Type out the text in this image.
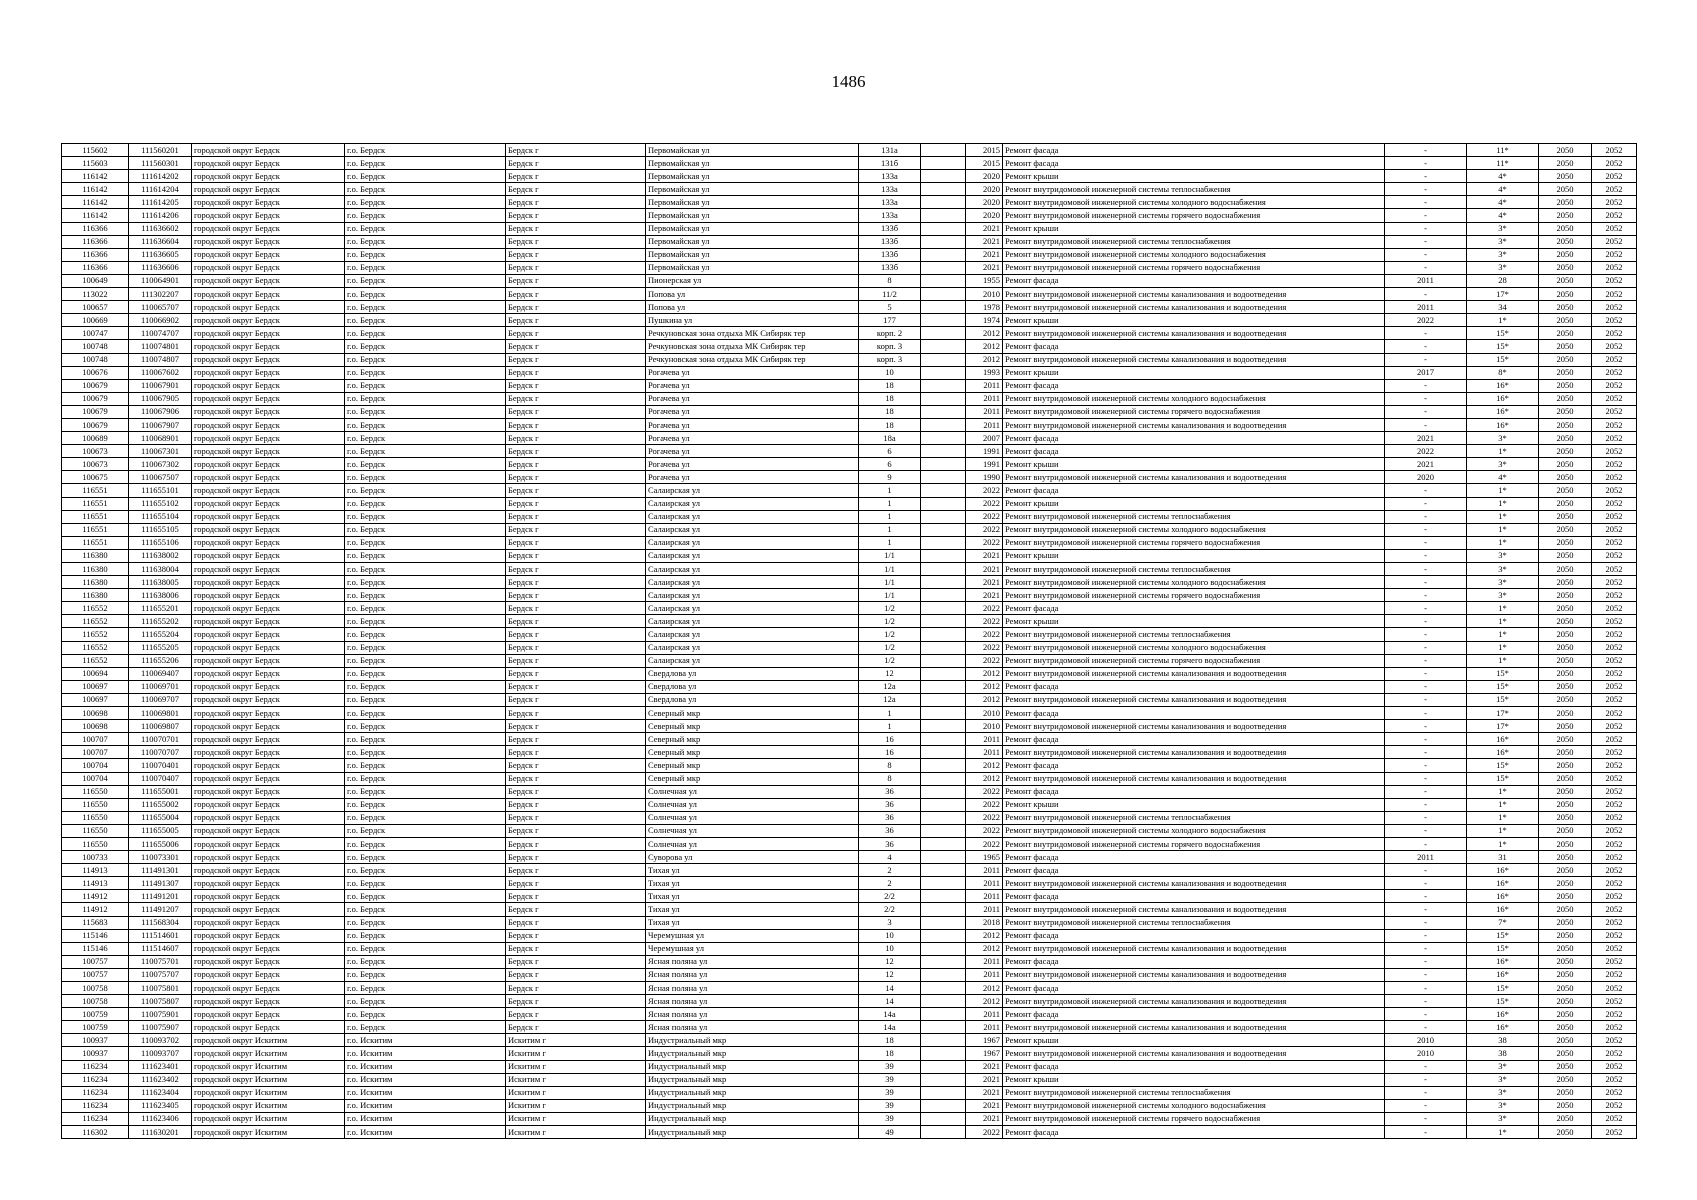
1486
115602	111560201	городской округ Бердск	г.о. Бердск	Бердск г	Первомайская ул	131а		2015	Ремонт фасада	-	11*	2050	2052
115603	111560301	городской округ Бердск	г.о. Бердск	Бердск г	Первомайская ул	131б		2015	Ремонт фасада	-	11*	2050	2052
116142	111614202	городской округ Бердск	г.о. Бердск	Бердск г	Первомайская ул	133а		2020	Ремонт крыши	-	4*	2050	2052
116142	111614204	городской округ Бердск	г.о. Бердск	Бердск г	Первомайская ул	133а		2020	Ремонт внутридомовой инженерной системы теплоснабжения	-	4*	2050	2052
116142	111614205	городской округ Бердск	г.о. Бердск	Бердск г	Первомайская ул	133а		2020	Ремонт внутридомовой инженерной системы холодного водоснабжения	-	4*	2050	2052
116142	111614206	городской округ Бердск	г.о. Бердск	Бердск г	Первомайская ул	133а		2020	Ремонт внутридомовой инженерной системы горячего водоснабжения	-	4*	2050	2052
116366	111636602	городской округ Бердск	г.о. Бердск	Бердск г	Первомайская ул	133б		2021	Ремонт крыши	-	3*	2050	2052
116366	111636604	городской округ Бердск	г.о. Бердск	Бердск г	Первомайская ул	133б		2021	Ремонт внутридомовой инженерной системы теплоснабжения	-	3*	2050	2052
116366	111636605	городской округ Бердск	г.о. Бердск	Бердск г	Первомайская ул	133б		2021	Ремонт внутридомовой инженерной системы холодного водоснабжения	-	3*	2050	2052
116366	111636606	городской округ Бердск	г.о. Бердск	Бердск г	Первомайская ул	133б		2021	Ремонт внутридомовой инженерной системы горячего водоснабжения	-	3*	2050	2052
100649	110064901	городской округ Бердск	г.о. Бердск	Бердск г	Пионерская ул	8		1955	Ремонт фасада	2011	28	2050	2052
113022	111302207	городской округ Бердск	г.о. Бердск	Бердск г	Попова ул	11/2		2010	Ремонт внутридомовой инженерной системы канализования и водоотведения	-	17*	2050	2052
100657	110065707	городской округ Бердск	г.о. Бердск	Бердск г	Попова ул	5		1978	Ремонт внутридомовой инженерной системы канализования и водоотведения	2011	34	2050	2052
100669	110066902	городской округ Бердск	г.о. Бердск	Бердск г	Пушкина ул	177		1974	Ремонт крыши	2022	1*	2050	2052
100747	110074707	городской округ Бердск	г.о. Бердск	Бердск г	Речкуновская зона отдыха МК Сибиряк тер	корп. 2		2012	Ремонт внутридомовой инженерной системы канализования и водоотведения	-	15*	2050	2052
100748	110074801	городской округ Бердск	г.о. Бердск	Бердск г	Речкуновская зона отдыха МК Сибиряк тер	корп. 3		2012	Ремонт фасада	-	15*	2050	2052
100748	110074807	городской округ Бердск	г.о. Бердск	Бердск г	Речкуновская зона отдыха МК Сибиряк тер	корп. 3		2012	Ремонт внутридомовой инженерной системы канализования и водоотведения	-	15*	2050	2052
100676	110067602	городской округ Бердск	г.о. Бердск	Бердск г	Рогачева ул	10		1993	Ремонт крыши	2017	8*	2050	2052
100679	110067901	городской округ Бердск	г.о. Бердск	Бердск г	Рогачева ул	18		2011	Ремонт фасада	-	16*	2050	2052
100679	110067905	городской округ Бердск	г.о. Бердск	Бердск г	Рогачева ул	18		2011	Ремонт внутридомовой инженерной системы холодного водоснабжения	-	16*	2050	2052
100679	110067906	городской округ Бердск	г.о. Бердск	Бердск г	Рогачева ул	18		2011	Ремонт внутридомовой инженерной системы горячего водоснабжения	-	16*	2050	2052
100679	110067907	городской округ Бердск	г.о. Бердск	Бердск г	Рогачева ул	18		2011	Ремонт внутридомовой инженерной системы канализования и водоотведения	-	16*	2050	2052
100689	110068901	городской округ Бердск	г.о. Бердск	Бердск г	Рогачева ул	18а		2007	Ремонт фасада	2021	3*	2050	2052
100673	110067301	городской округ Бердск	г.о. Бердск	Бердск г	Рогачева ул	6		1991	Ремонт фасада	2022	1*	2050	2052
100673	110067302	городской округ Бердск	г.о. Бердск	Бердск г	Рогачева ул	6		1991	Ремонт крыши	2021	3*	2050	2052
100675	110067507	городской округ Бердск	г.о. Бердск	Бердск г	Рогачева ул	9		1990	Ремонт внутридомовой инженерной системы канализования и водоотведения	2020	4*	2050	2052
116551	111655101	городской округ Бердск	г.о. Бердск	Бердск г	Салаирская ул	1		2022	Ремонт фасада	-	1*	2050	2052
116551	111655102	городской округ Бердск	г.о. Бердск	Бердск г	Салаирская ул	1		2022	Ремонт крыши	-	1*	2050	2052
116551	111655104	городской округ Бердск	г.о. Бердск	Бердск г	Салаирская ул	1		2022	Ремонт внутридомовой инженерной системы теплоснабжения	-	1*	2050	2052
116551	111655105	городской округ Бердск	г.о. Бердск	Бердск г	Салаирская ул	1		2022	Ремонт внутридомовой инженерной системы холодного водоснабжения	-	1*	2050	2052
116551	111655106	городской округ Бердск	г.о. Бердск	Бердск г	Салаирская ул	1		2022	Ремонт внутридомовой инженерной системы горячего водоснабжения	-	1*	2050	2052
116380	111638002	городской округ Бердск	г.о. Бердск	Бердск г	Салаирская ул	1/1		2021	Ремонт крыши	-	3*	2050	2052
116380	111638004	городской округ Бердск	г.о. Бердск	Бердск г	Салаирская ул	1/1		2021	Ремонт внутридомовой инженерной системы теплоснабжения	-	3*	2050	2052
116380	111638005	городской округ Бердск	г.о. Бердск	Бердск г	Салаирская ул	1/1		2021	Ремонт внутридомовой инженерной системы холодного водоснабжения	-	3*	2050	2052
116380	111638006	городской округ Бердск	г.о. Бердск	Бердск г	Салаирская ул	1/1		2021	Ремонт внутридомовой инженерной системы горячего водоснабжения	-	3*	2050	2052
116552	111655201	городской округ Бердск	г.о. Бердск	Бердск г	Салаирская ул	1/2		2022	Ремонт фасада	-	1*	2050	2052
116552	111655202	городской округ Бердск	г.о. Бердск	Бердск г	Салаирская ул	1/2		2022	Ремонт крыши	-	1*	2050	2052
116552	111655204	городской округ Бердск	г.о. Бердск	Бердск г	Салаирская ул	1/2		2022	Ремонт внутридомовой инженерной системы теплоснабжения	-	1*	2050	2052
116552	111655205	городской округ Бердск	г.о. Бердск	Бердск г	Салаирская ул	1/2		2022	Ремонт внутридомовой инженерной системы холодного водоснабжения	-	1*	2050	2052
116552	111655206	городской округ Бердск	г.о. Бердск	Бердск г	Салаирская ул	1/2		2022	Ремонт внутридомовой инженерной системы горячего водоснабжения	-	1*	2050	2052
100694	110069407	городской округ Бердск	г.о. Бердск	Бердск г	Свердлова ул	12		2012	Ремонт внутридомовой инженерной системы канализования и водоотведения	-	15*	2050	2052
100697	110069701	городской округ Бердск	г.о. Бердск	Бердск г	Свердлова ул	12а		2012	Ремонт фасада	-	15*	2050	2052
100697	110069707	городской округ Бердск	г.о. Бердск	Бердск г	Свердлова ул	12а		2012	Ремонт внутридомовой инженерной системы канализования и водоотведения	-	15*	2050	2052
100698	110069801	городской округ Бердск	г.о. Бердск	Бердск г	Северный мкр	1		2010	Ремонт фасада	-	17*	2050	2052
100698	110069807	городской округ Бердск	г.о. Бердск	Бердск г	Северный мкр	1		2010	Ремонт внутридомовой инженерной системы канализования и водоотведения	-	17*	2050	2052
100707	110070701	городской округ Бердск	г.о. Бердск	Бердск г	Северный мкр	16		2011	Ремонт фасада	-	16*	2050	2052
100707	110070707	городской округ Бердск	г.о. Бердск	Бердск г	Северный мкр	16		2011	Ремонт внутридомовой инженерной системы канализования и водоотведения	-	16*	2050	2052
100704	110070401	городской округ Бердск	г.о. Бердск	Бердск г	Северный мкр	8		2012	Ремонт фасада	-	15*	2050	2052
100704	110070407	городской округ Бердск	г.о. Бердск	Бердск г	Северный мкр	8		2012	Ремонт внутридомовой инженерной системы канализования и водоотведения	-	15*	2050	2052
116550	111655001	городской округ Бердск	г.о. Бердск	Бердск г	Солнечная ул	36		2022	Ремонт фасада	-	1*	2050	2052
116550	111655002	городской округ Бердск	г.о. Бердск	Бердск г	Солнечная ул	36		2022	Ремонт крыши	-	1*	2050	2052
116550	111655004	городской округ Бердск	г.о. Бердск	Бердск г	Солнечная ул	36		2022	Ремонт внутридомовой инженерной системы теплоснабжения	-	1*	2050	2052
116550	111655005	городской округ Бердск	г.о. Бердск	Бердск г	Солнечная ул	36		2022	Ремонт внутридомовой инженерной системы холодного водоснабжения	-	1*	2050	2052
116550	111655006	городской округ Бердск	г.о. Бердск	Бердск г	Солнечная ул	36		2022	Ремонт внутридомовой инженерной системы горячего водоснабжения	-	1*	2050	2052
100733	110073301	городской округ Бердск	г.о. Бердск	Бердск г	Суворова ул	4		1965	Ремонт фасада	2011	31	2050	2052
114913	111491301	городской округ Бердск	г.о. Бердск	Бердск г	Тихая ул	2		2011	Ремонт фасада	-	16*	2050	2052
114913	111491307	городской округ Бердск	г.о. Бердск	Бердск г	Тихая ул	2		2011	Ремонт внутридомовой инженерной системы канализования и водоотведения	-	16*	2050	2052
114912	111491201	городской округ Бердск	г.о. Бердск	Бердск г	Тихая ул	2/2		2011	Ремонт фасада	-	16*	2050	2052
114912	111491207	городской округ Бердск	г.о. Бердск	Бердск г	Тихая ул	2/2		2011	Ремонт внутридомовой инженерной системы канализования и водоотведения	-	16*	2050	2052
115683	111568304	городской округ Бердск	г.о. Бердск	Бердск г	Тихая ул	3		2018	Ремонт внутридомовой инженерной системы теплоснабжения	-	7*	2050	2052
115146	111514601	городской округ Бердск	г.о. Бердск	Бердск г	Черемушная ул	10		2012	Ремонт фасада	-	15*	2050	2052
115146	111514607	городской округ Бердск	г.о. Бердск	Бердск г	Черемушная ул	10		2012	Ремонт внутридомовой инженерной системы канализования и водоотведения	-	15*	2050	2052
100757	110075701	городской округ Бердск	г.о. Бердск	Бердск г	Ясная поляна ул	12		2011	Ремонт фасада	-	16*	2050	2052
100757	110075707	городской округ Бердск	г.о. Бердск	Бердск г	Ясная поляна ул	12		2011	Ремонт внутридомовой инженерной системы канализования и водоотведения	-	16*	2050	2052
100758	110075801	городской округ Бердск	г.о. Бердск	Бердск г	Ясная поляна ул	14		2012	Ремонт фасада	-	15*	2050	2052
100758	110075807	городской округ Бердск	г.о. Бердск	Бердск г	Ясная поляна ул	14		2012	Ремонт внутридомовой инженерной системы канализования и водоотведения	-	15*	2050	2052
100759	110075901	городской округ Бердск	г.о. Бердск	Бердск г	Ясная поляна ул	14а		2011	Ремонт фасада	-	16*	2050	2052
100759	110075907	городской округ Бердск	г.о. Бердск	Бердск г	Ясная поляна ул	14а		2011	Ремонт внутридомовой инженерной системы канализования и водоотведения	-	16*	2050	2052
100937	110093702	городской округ Искитим	г.о. Искитим	Искитим г	Индустриальный мкр	18		1967	Ремонт крыши	2010	38	2050	2052
100937	110093707	городской округ Искитим	г.о. Искитим	Искитим г	Индустриальный мкр	18		1967	Ремонт внутридомовой инженерной системы канализования и водоотведения	2010	38	2050	2052
116234	111623401	городской округ Искитим	г.о. Искитим	Искитим г	Индустриальный мкр	39		2021	Ремонт фасада	-	3*	2050	2052
116234	111623402	городской округ Искитим	г.о. Искитим	Искитим г	Индустриальный мкр	39		2021	Ремонт крыши	-	3*	2050	2052
116234	111623404	городской округ Искитим	г.о. Искитим	Искитим г	Индустриальный мкр	39		2021	Ремонт внутридомовой инженерной системы теплоснабжения	-	3*	2050	2052
116234	111623405	городской округ Искитим	г.о. Искитим	Искитим г	Индустриальный мкр	39		2021	Ремонт внутридомовой инженерной системы холодного водоснабжения	-	3*	2050	2052
116234	111623406	городской округ Искитим	г.о. Искитим	Искитим г	Индустриальный мкр	39		2021	Ремонт внутридомовой инженерной системы горячего водоснабжения	-	3*	2050	2052
116302	111630201	городской округ Искитим	г.о. Искитим	Искитим г	Индустриальный мкр	49		2022	Ремонт фасада	-	1*	2050	2052
